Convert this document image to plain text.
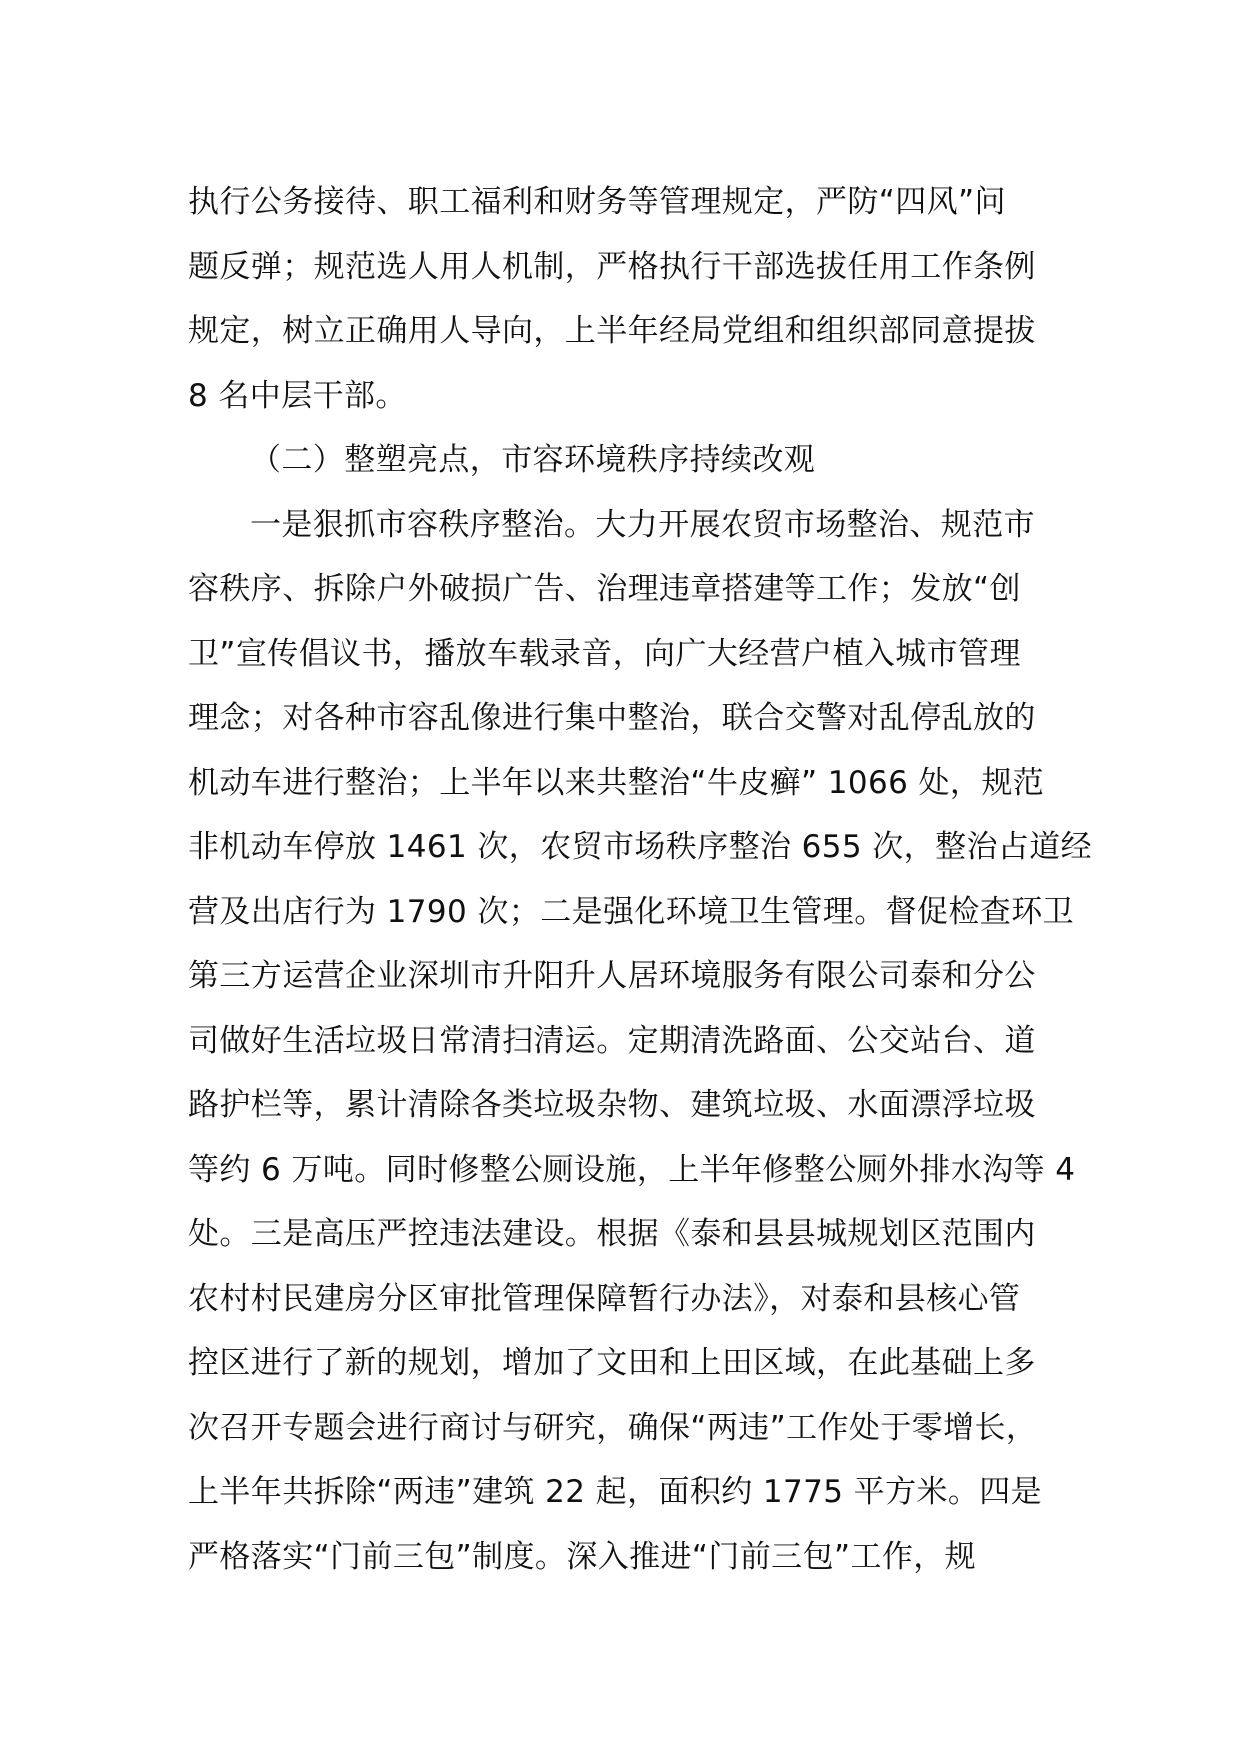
执行公务接待、职工福利和财务等管理规定，严防“四风”问
题反弹；规范选人用人机制，严格执行干部选拔任用工作条例
规定，树立正确用人导向，上半年经局党组和组织部同意提拔
8 名中层干部。
（二）整塑亮点，市容环境秩序持续改观
一是狠抓市容秩序整治。大力开展农贸市场整治、规范市
容秩序、拆除户外破损广告、治理违章搭建等工作；发放“创
卫”宣传倡议书，播放车载录音，向广大经营户植入城市管理
理念；对各种市容乱像进行集中整治，联合交警对乱停乱放的
机动车进行整治；上半年以来共整治“牛皮癣” 1066 处，规范
非机动车停放 1461 次，农贸市场秩序整治 655 次，整治占道经
营及出店行为 1790 次；二是强化环境卫生管理。督促检查环卫
第三方运营企业深圳市升阳升人居环境服务有限公司泰和分公
司做好生活垃圾日常清扫清运。定期清洗路面、公交站台、道
路护栏等，累计清除各类垃圾杂物、建筑垃圾、水面漂浮垃圾
等约 6 万吨。同时修整公厕设施，上半年修整公厕外排水沟等 4
处。三是高压严控违法建设。根据《泰和县县城规划区范围内
农村村民建房分区审批管理保障暂行办法》，对泰和县核心管
控区进行了新的规划，增加了文田和上田区域，在此基础上多
次召开专题会进行商讨与研究，确保“两违”工作处于零增长，
上半年共拆除“两违”建筑 22 起，面积约 1775 平方米。四是
严格落实“门前三包”制度。深入推进“门前三包”工作，规
